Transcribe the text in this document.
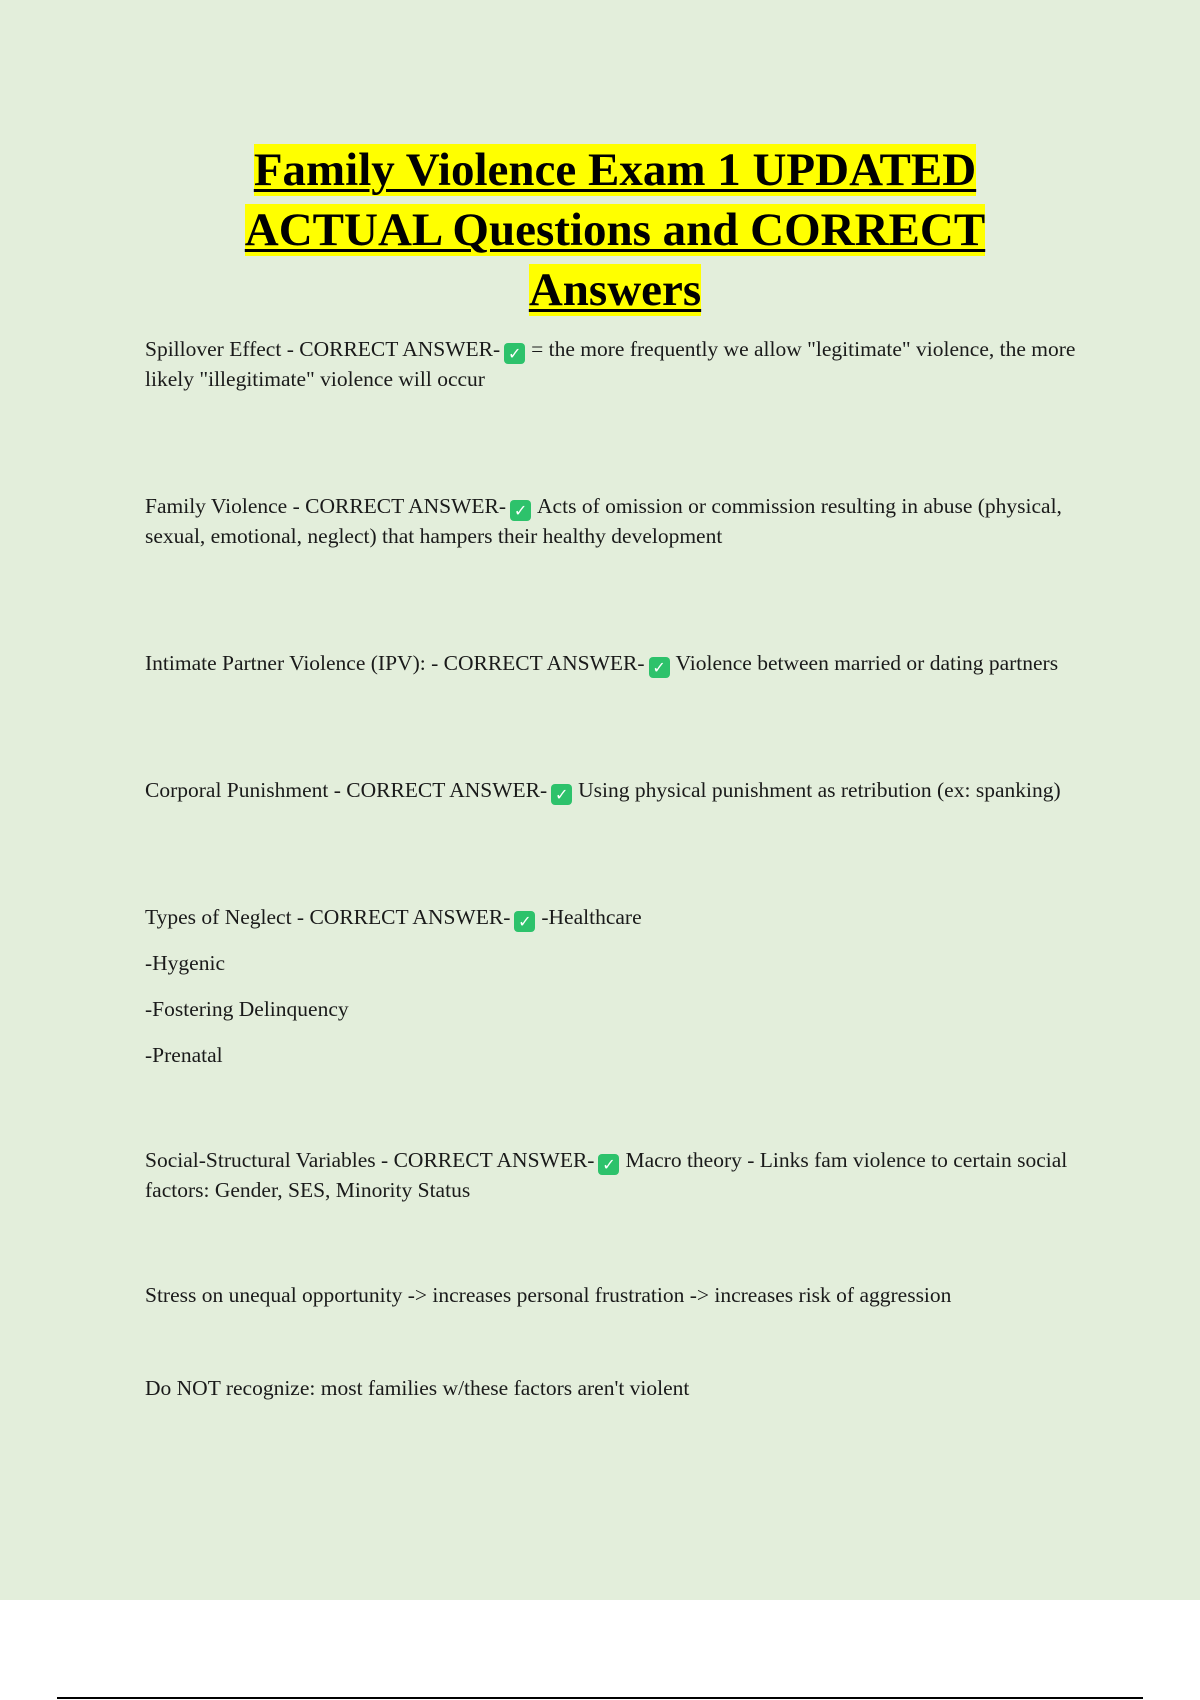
Family Violence Exam 1 UPDATED
ACTUAL Questions and CORRECT
Answers
Spillover Effect - CORRECT ANSWER- ✓ = the more frequently we allow "legitimate" violence, the more likely "illegitimate" violence will occur
Family Violence - CORRECT ANSWER- ✓ Acts of omission or commission resulting in abuse (physical, sexual, emotional, neglect) that hampers their healthy development
Intimate Partner Violence (IPV): - CORRECT ANSWER- ✓ Violence between married or dating partners
Corporal Punishment - CORRECT ANSWER- ✓ Using physical punishment as retribution (ex: spanking)
Types of Neglect - CORRECT ANSWER- ✓ -Healthcare
-Hygenic
-Fostering Delinquency
-Prenatal
Social-Structural Variables - CORRECT ANSWER- ✓ Macro theory - Links fam violence to certain social factors: Gender, SES, Minority Status
Stress on unequal opportunity -> increases personal frustration -> increases risk of aggression
Do NOT recognize: most families w/these factors aren't violent
